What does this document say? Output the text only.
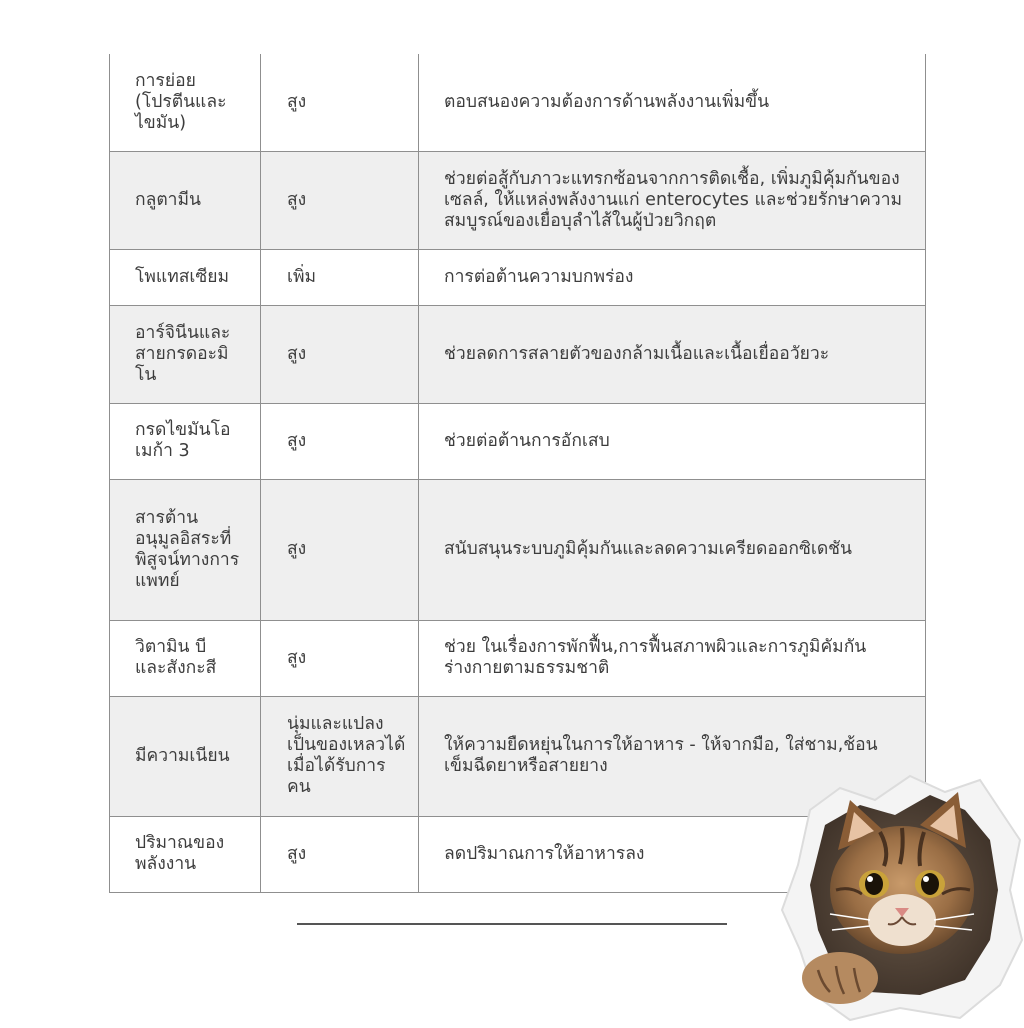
การย่อย (โปรตีนและไขมัน)	สูง	ตอบสนองความต้องการด้านพลังงานเพิ่มขึ้น
กลูตามีน	สูง	ช่วยต่อสู้กับภาวะแทรกซ้อนจากการติดเชื้อ, เพิ่มภูมิคุ้มกันของเซลล์, ให้แหล่งพลังงานแก่ enterocytes และช่วยรักษาความสมบูรณ์ของเยื่อบุลำไส้ในผู้ป่วยวิกฤต
โพแทสเซียม	เพิ่ม	การต่อต้านความบกพร่อง
อาร์จินีนและสายกรดอะมิโน	สูง	ช่วยลดการสลายตัวของกล้ามเนื้อและเนื้อเยื่ออวัยวะ
กรดไขมันโอเมก้า 3	สูง	ช่วยต่อต้านการอักเสบ
สารต้านอนุมูลอิสระที่พิสูจน์ทางการแพทย์	สูง	สนับสนุนระบบภูมิคุ้มกันและลดความเครียดออกซิเดชัน
วิตามิน บี และสังกะสี	สูง	ช่วย ในเรื่องการพักฟื้น,การฟื้นสภาพผิวและการภูมิคัมกันร่างกายตามธรรมชาติ
มีความเนียน	นุ่มและแปลงเป็นของเหลวได้เมื่อได้รับการคน	ให้ความยืดหยุ่นในการให้อาหาร - ให้จากมือ, ใส่ชาม,ช้อนเข็มฉีดยาหรือสายยาง
ปริมาณของพลังงาน	สูง	ลดปริมาณการให้อาหารลง
